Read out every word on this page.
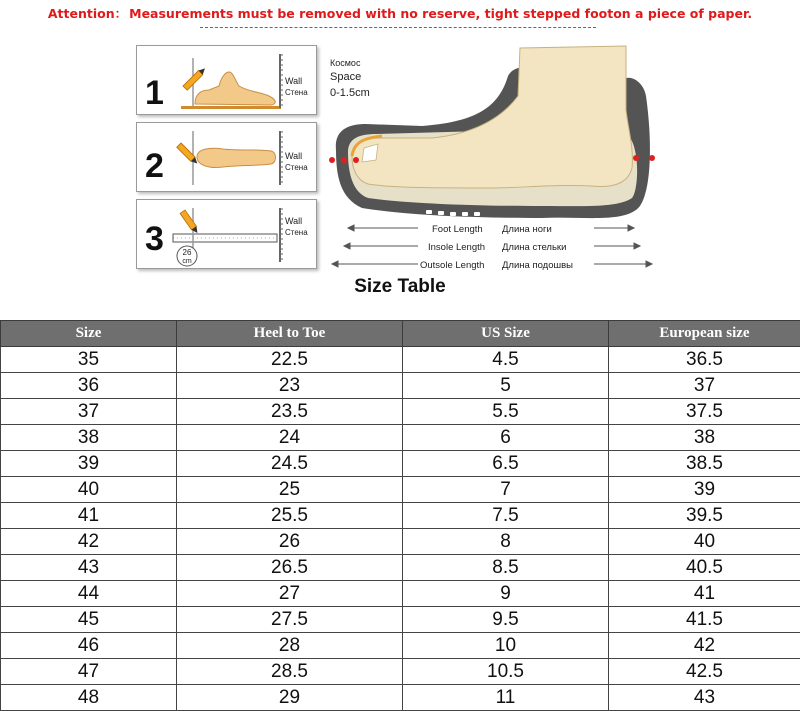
Attention： Measurements must be removed with no reserve, tight stepped footon a piece of paper.
1	Wall
Стена
2	Wall
Стена
3 26
cm
Wall
Стена
Космос
Space
0-1.5cm
Foot Length Длина ноги
Insole Length Длина стельки
Outsole Length Длина подошвы
Size Table
Size	Heel to Toe	US Size	European size
35	22.5	4.5	36.5
36	23	5	37
37	23.5	5.5	37.5
38	24	6	38
39	24.5	6.5	38.5
40	25	7	39
41	25.5	7.5	39.5
42	26	8	40
43	26.5	8.5	40.5
44	27	9	41
45	27.5	9.5	41.5
46	28	10	42
47	28.5	10.5	42.5
48	29	11	43
